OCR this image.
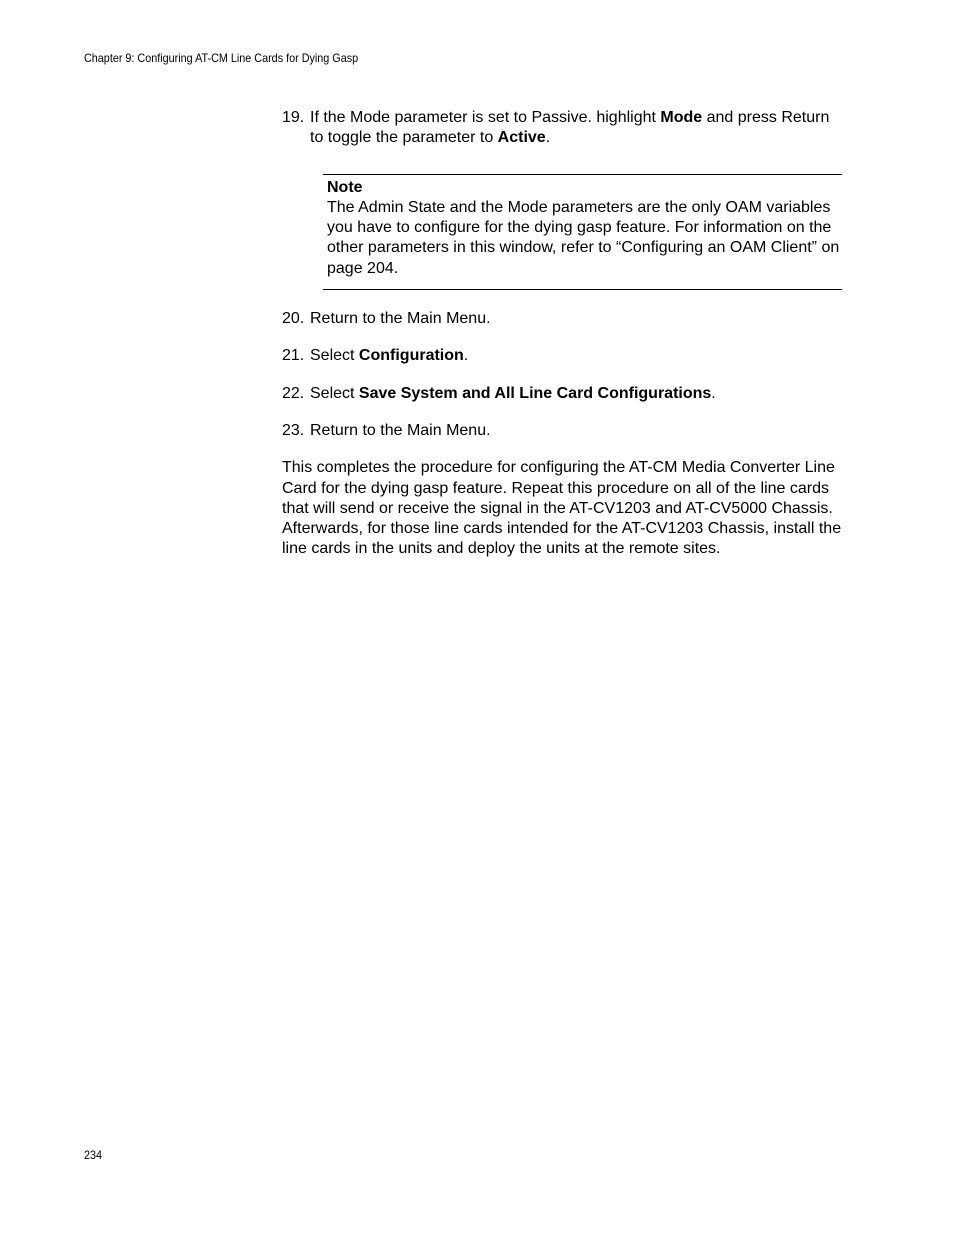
Chapter 9: Configuring AT-CM Line Cards for Dying Gasp
19. If the Mode parameter is set to Passive. highlight Mode and press Return to toggle the parameter to Active.
Note
The Admin State and the Mode parameters are the only OAM variables you have to configure for the dying gasp feature. For information on the other parameters in this window, refer to “Configuring an OAM Client” on page 204.
20. Return to the Main Menu.
21. Select Configuration.
22. Select Save System and All Line Card Configurations.
23. Return to the Main Menu.

This completes the procedure for configuring the AT-CM Media Converter Line Card for the dying gasp feature. Repeat this procedure on all of the line cards that will send or receive the signal in the AT-CV1203 and AT-CV5000 Chassis. Afterwards, for those line cards intended for the AT-CV1203 Chassis, install the line cards in the units and deploy the units at the remote sites.

234
